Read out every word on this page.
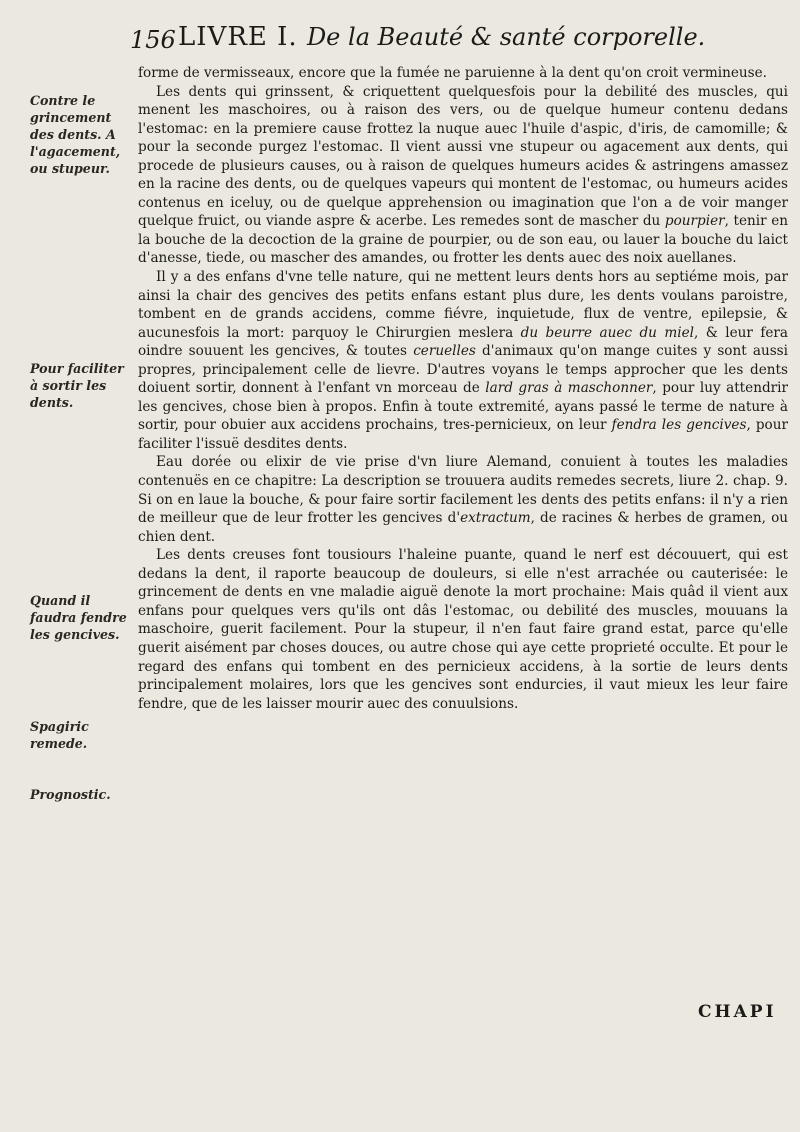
156 LIVRE I. De la Beauté & santé corporelle.
Contre le grincement des dents. A l'agacement, ou stupeur.
Pour faciliter à sortir les dents.
Quand il faudra fendre les gencives.
Spagiric remede.
Prognostic.

forme de vermisseaux, encore que la fumée ne paruienne à la dent qu'on croit vermineuse.

Les dents qui grinssent, & criquettent quelquesfois pour la debilité des muscles, qui menent les maschoires, ou à raison des vers, ou de quelque humeur contenu dedans l'estomac: en la premiere cause frottez la nuque auec l'huile d'aspic, d'iris, de camomille; & pour la seconde purgez l'estomac. Il vient aussi vne stupeur ou agacement aux dents, qui procede de plusieurs causes, ou à raison de quelques humeurs acides & astringens amassez en la racine des dents, ou de quelques vapeurs qui montent de l'estomac, ou humeurs acides contenus en iceluy, ou de quelque apprehension ou imagination que l'on a de voir manger quelque fruict, ou viande aspre & acerbe. Les remedes sont de mascher du pourpier, tenir en la bouche de la decoction de la graine de pourpier, ou de son eau, ou lauer la bouche du laict d'anesse, tiede, ou mascher des amandes, ou frotter les dents auec des noix auellanes.

Il y a des enfans d'vne telle nature, qui ne mettent leurs dents hors au septiéme mois, par ainsi la chair des gencives des petits enfans estant plus dure, les dents voulans paroistre, tombent en de grands accidens, comme fiévre, inquietude, flux de ventre, epilepsie, & aucunesfois la mort: parquoy le Chirurgien meslera du beurre auec du miel, & leur fera oindre souuent les gencives, & toutes ceruelles d'animaux qu'on mange cuites y sont aussi propres, principalement celle de lievre. D'autres voyans le temps approcher que les dents doiuent sortir, donnent à l'enfant vn morceau de lard gras à maschonner, pour luy attendrir les gencives, chose bien à propos. Enfin à toute extremité, ayans passé le terme de nature à sortir, pour obuier aux accidens prochains, tres-pernicieux, on leur fendra les gencives, pour faciliter l'issuë desdites dents.

Eau dorée ou elixir de vie prise d'vn liure Alemand, conuient à toutes les maladies contenuës en ce chapitre: La description se trouuera audits remedes secrets, liure 2. chap. 9. Si on en laue la bouche, & pour faire sortir facilement les dents des petits enfans: il n'y a rien de meilleur que de leur frotter les gencives d'extractum, de racines & herbes de gramen, ou chien dent.

Les dents creuses font tousiours l'haleine puante, quand le nerf est découuert, qui est dedans la dent, il raporte beaucoup de douleurs, si elle n'est arrachée ou cauterisée: le grincement de dents en vne maladie aiguë denote la mort prochaine: Mais quâd il vient aux enfans pour quelques vers qu'ils ont dâs l'estomac, ou debilité des muscles, mouuans la maschoire, guerit facilement. Pour la stupeur, il n'en faut faire grand estat, parce qu'elle guerit aisément par choses douces, ou autre chose qui aye cette proprieté occulte. Et pour le regard des enfans qui tombent en des pernicieux accidens, à la sortie de leurs dents principalement molaires, lors que les gencives sont endurcies, il vaut mieux les leur faire fendre, que de les laisser mourir auec des conuulsions.

CHAPI
